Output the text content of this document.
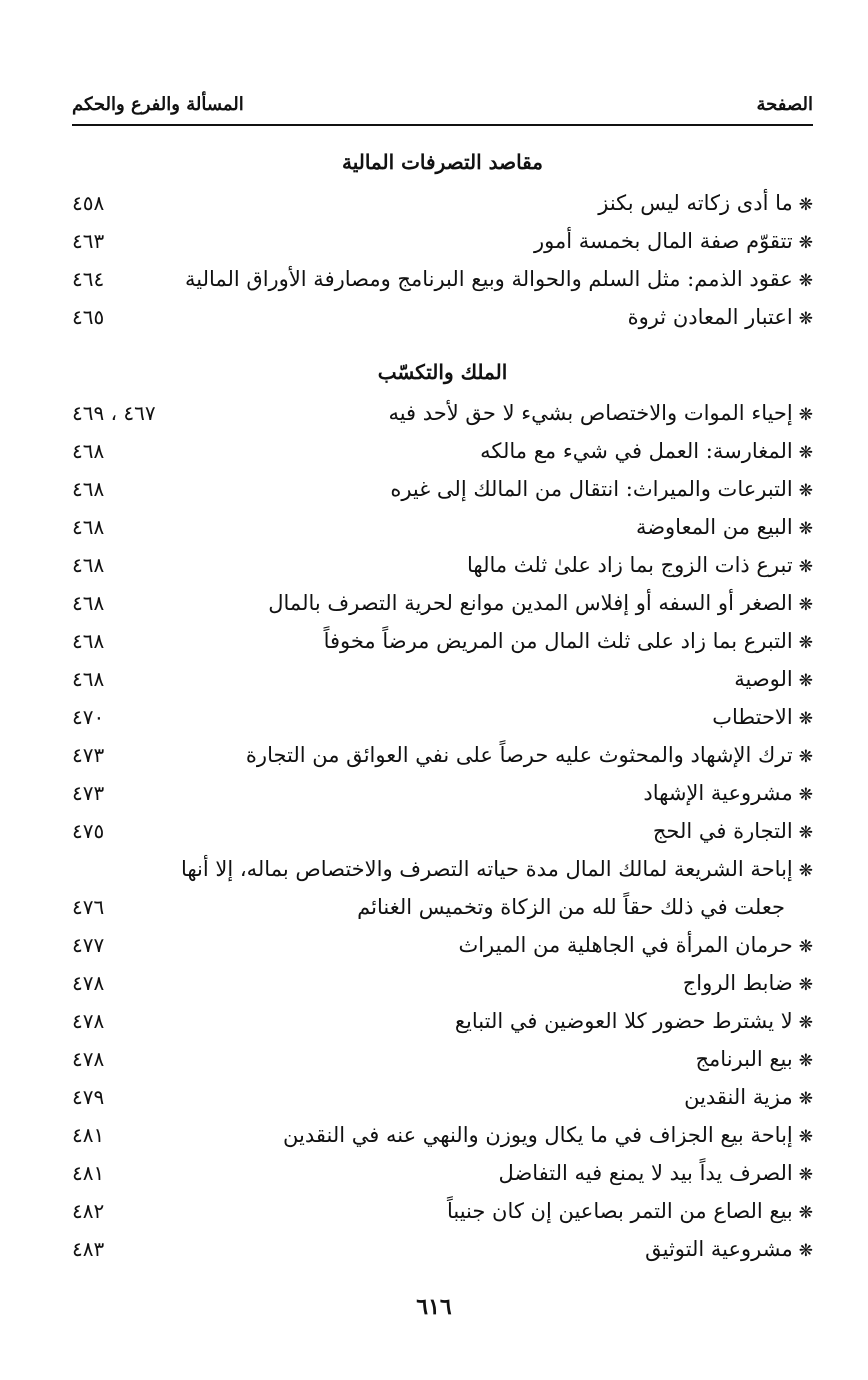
المسألة والفرع والحكم	الصفحة
مقاصد التصرفات المالية
❋ما أدى زكاته ليس بكنز
٤٥٨
❋تتقوّم صفة المال بخمسة أمور
٤٦٣
❋عقود الذمم: مثل السلم والحوالة وبيع البرنامج ومصارفة الأوراق المالية
٤٦٤
❋اعتبار المعادن ثروة
٤٦٥
الملك والتكسّب
❋إحياء الموات والاختصاص بشيء لا حق لأحد فيه
٤٦٧ ، ٤٦٩
❋المغارسة: العمل في شيء مع مالكه
٤٦٨
❋التبرعات والميراث: انتقال من المالك إلى غيره
٤٦٨
❋البيع من المعاوضة
٤٦٨
❋تبرع ذات الزوج بما زاد علىٰ ثلث مالها
٤٦٨
❋الصغر أو السفه أو إفلاس المدين موانع لحرية التصرف بالمال
٤٦٨
❋التبرع بما زاد على ثلث المال من المريض مرضاً مخوفاً
٤٦٨
❋الوصية
٤٦٨
❋الاحتطاب
٤٧٠
❋ترك الإشهاد والمحثوث عليه حرصاً على نفي العوائق من التجارة
٤٧٣
❋مشروعية الإشهاد
٤٧٣
❋التجارة في الحج
٤٧٥
❋إباحة الشريعة لمالك المال مدة حياته التصرف والاختصاص بماله، إلا أنها
جعلت في ذلك حقاً لله من الزكاة وتخميس الغنائم
٤٧٦
❋حرمان المرأة في الجاهلية من الميراث
٤٧٧
❋ضابط الرواج
٤٧٨
❋لا يشترط حضور كلا العوضين في التبايع
٤٧٨
❋بيع البرنامج
٤٧٨
❋مزية النقدين
٤٧٩
❋إباحة بيع الجزاف في ما يكال ويوزن والنهي عنه في النقدين
٤٨١
❋الصرف يداً بيد لا يمنع فيه التفاضل
٤٨١
❋بيع الصاع من التمر بصاعين إن كان جنيباً
٤٨٢
❋مشروعية التوثيق
٤٨٣
٦١٦
